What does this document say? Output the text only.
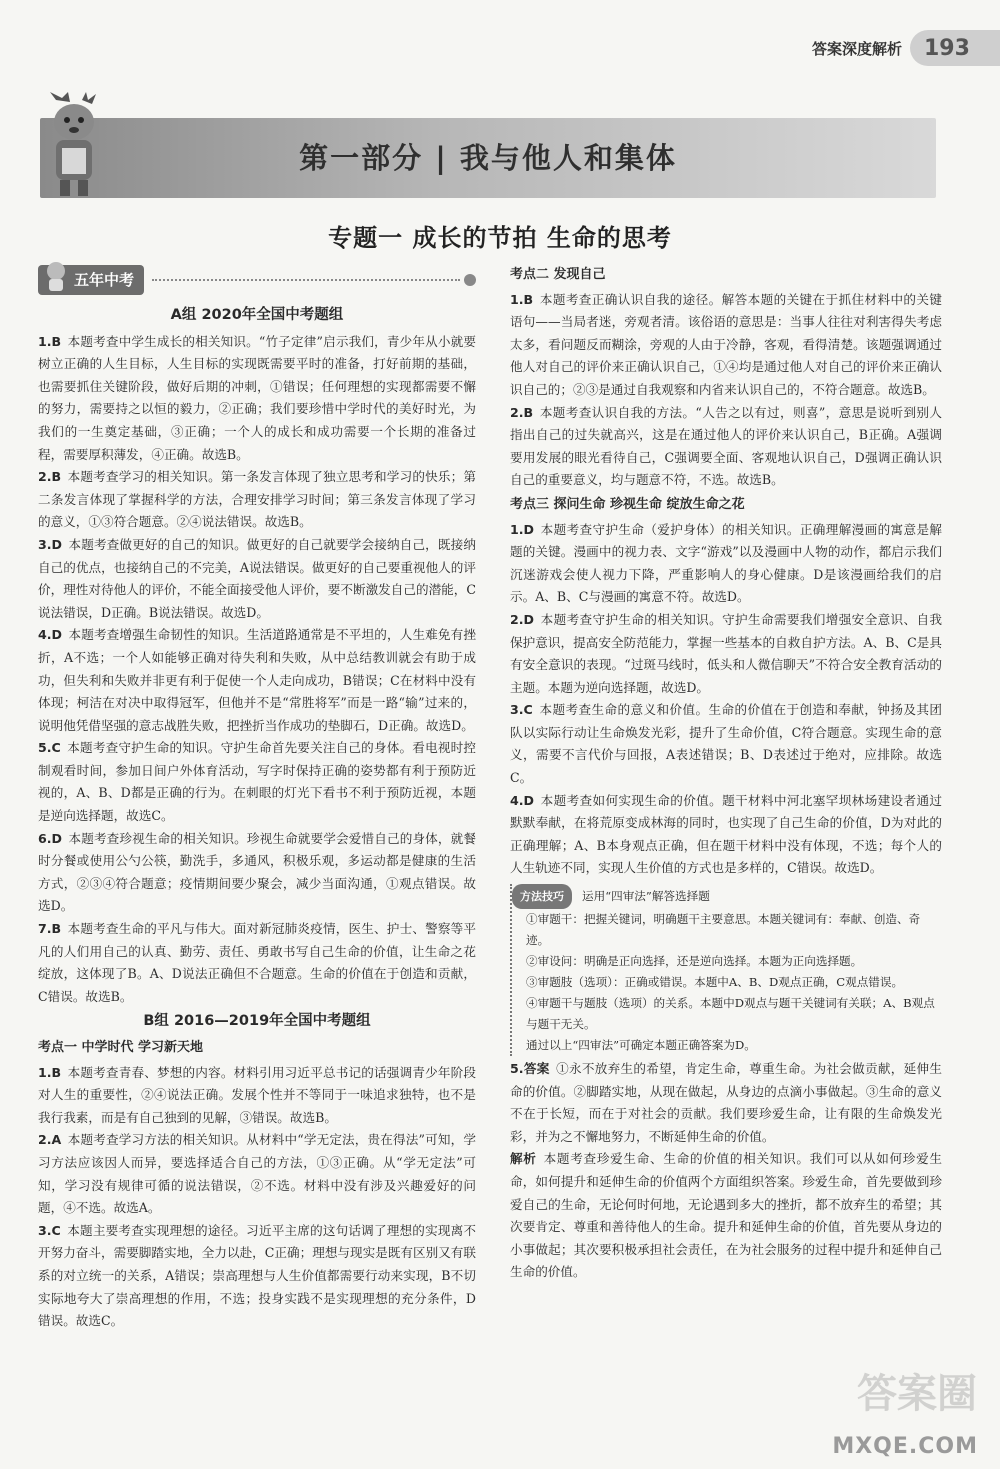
答案深度解析	193
第一部分 | 我与他人和集体
专题一 成长的节拍 生命的思考
五年中考
A组 2020年全国中考题组
1.B  本题考查中学生成长的相关知识。“竹子定律”启示我们，青少年从小就要树立正确的人生目标，人生目标的实现既需要平时的准备，打好前期的基础，也需要抓住关键阶段，做好后期的冲刺，①错误；任何理想的实现都需要不懈的努力，需要持之以恒的毅力，②正确；我们要珍惜中学时代的美好时光，为我们的一生奠定基础，③正确；一个人的成长和成功需要一个长期的准备过程，需要厚积薄发，④正确。故选B。
2.B  本题考查学习的相关知识。第一条发言体现了独立思考和学习的快乐；第二条发言体现了掌握科学的方法，合理安排学习时间；第三条发言体现了学习的意义，①③符合题意。②④说法错误。故选B。
3.D  本题考查做更好的自己的知识。做更好的自己就要学会接纳自己，既接纳自己的优点，也接纳自己的不完美，A说法错误。做更好的自己要重视他人的评价，理性对待他人的评价，不能全面接受他人评价，要不断激发自己的潜能，C说法错误，D正确。B说法错误。故选D。
4.D  本题考查增强生命韧性的知识。生活道路通常是不平坦的，人生难免有挫折，A不选；一个人如能够正确对待失利和失败，从中总结教训就会有助于成功，但失利和失败并非更有利于促使一个人走向成功，B错误；C在材料中没有体现；柯洁在对决中取得冠军，但他并不是“常胜将军”而是一路“输”过来的，说明他凭借坚强的意志战胜失败，把挫折当作成功的垫脚石，D正确。故选D。
5.C  本题考查守护生命的知识。守护生命首先要关注自己的身体。看电视时控制观看时间，参加日间户外体育活动，写字时保持正确的姿势都有利于预防近视的，A、B、D都是正确的行为。在刺眼的灯光下看书不利于预防近视，本题是逆向选择题，故选C。
6.D  本题考查珍视生命的相关知识。珍视生命就要学会爱惜自己的身体，就餐时分餐或使用公勺公筷，勤洗手，多通风，积极乐观，多运动都是健康的生活方式，②③④符合题意；疫情期间要少聚会，减少当面沟通，①观点错误。故选D。
7.B  本题考查生命的平凡与伟大。面对新冠肺炎疫情，医生、护士、警察等平凡的人们用自己的认真、勤劳、责任、勇敢书写自己生命的价值，让生命之花绽放，这体现了B。A、D说法正确但不合题意。生命的价值在于创造和贡献，C错误。故选B。
B组 2016—2019年全国中考题组
考点一 中学时代 学习新天地
1.B  本题考查青春、梦想的内容。材料引用习近平总书记的话强调青少年阶段对人生的重要性，②④说法正确。发展个性并不等同于一味追求独特，也不是我行我素，而是有自己独到的见解，③错误。故选B。
2.A  本题考查学习方法的相关知识。从材料中“学无定法，贵在得法”可知，学习方法应该因人而异，要选择适合自己的方法，①③正确。从“学无定法”可知，学习没有规律可循的说法错误，②不选。材料中没有涉及兴趣爱好的问题，④不选。故选A。
3.C  本题主要考查实现理想的途径。习近平主席的这句话调了理想的实现离不开努力奋斗，需要脚踏实地，全力以赴，C正确；理想与现实是既有区别又有联系的对立统一的关系，A错误；崇高理想与人生价值都需要行动来实现，B不切实际地夸大了崇高理想的作用，不选；投身实践不是实现理想的充分条件，D错误。故选C。
考点二 发现自己
1.B  本题考查正确认识自我的途径。解答本题的关键在于抓住材料中的关键语句——当局者迷，旁观者清。该俗语的意思是：当事人往往对利害得失考虑太多，看问题反而糊涂，旁观的人由于冷静，客观，看得清楚。该题强调通过他人对自己的评价来正确认识自己，①④均是通过他人对自己的评价来正确认识自己的；②③是通过自我观察和内省来认识自己的，不符合题意。故选B。
2.B  本题考查认识自我的方法。“人告之以有过，则喜”，意思是说听到别人指出自己的过失就高兴，这是在通过他人的评价来认识自己，B正确。A强调要用发展的眼光看待自己，C强调要全面、客观地认识自己，D强调正确认识自己的重要意义，均与题意不符，不选。故选B。
考点三 探问生命 珍视生命 绽放生命之花
1.D  本题考查守护生命（爱护身体）的相关知识。正确理解漫画的寓意是解题的关键。漫画中的视力表、文字“游戏”以及漫画中人物的动作，都启示我们沉迷游戏会使人视力下降，严重影响人的身心健康。D是该漫画给我们的启示。A、B、C与漫画的寓意不符。故选D。
2.D  本题考查守护生命的相关知识。守护生命需要我们增强安全意识、自我保护意识，提高安全防范能力，掌握一些基本的自救自护方法。A、B、C是具有安全意识的表现。“过斑马线时，低头和人微信聊天”不符合安全教育活动的主题。本题为逆向选择题，故选D。
3.C  本题考查生命的意义和价值。生命的价值在于创造和奉献，钟扬及其团队以实际行动让生命焕发光彩，提升了生命价值，C符合题意。实现生命的意义，需要不言代价与回报，A表述错误；B、D表述过于绝对，应排除。故选C。
4.D  本题考查如何实现生命的价值。题干材料中河北塞罕坝林场建设者通过默默奉献，在将荒原变成林海的同时，也实现了自己生命的价值，D为对此的正确理解；A、B本身观点正确，但在题干材料中没有体现，不选；每个人的人生轨迹不同，实现人生价值的方式也是多样的，C错误。故选D。
方法技巧	运用“四审法”解答选择题
①审题干：把握关键词，明确题干主要意思。本题关键词有：奉献、创造、奇迹。
②审设问：明确是正向选择，还是逆向选择。本题为正向选择题。
③审题肢（选项）：正确或错误。本题中A、B、D观点正确，C观点错误。
④审题干与题肢（选项）的关系。本题中D观点与题干关键词有关联；A、B观点与题干无关。
通过以上“四审法”可确定本题正确答案为D。
5.答案  ①永不放弃生的希望，肯定生命，尊重生命。为社会做贡献，延伸生命的价值。②脚踏实地，从现在做起，从身边的点滴小事做起。③生命的意义不在于长短，而在于对社会的贡献。我们要珍爱生命，让有限的生命焕发光彩，并为之不懈地努力，不断延伸生命的价值。
解析  本题考查珍爱生命、生命的价值的相关知识。我们可以从如何珍爱生命，如何提升和延伸生命的价值两个方面组织答案。珍爱生命，首先要做到珍爱自己的生命，无论何时何地，无论遇到多大的挫折，都不放弃生的希望；其次要肯定、尊重和善待他人的生命。提升和延伸生命的价值，首先要从身边的小事做起；其次要积极承担社会责任，在为社会服务的过程中提升和延伸自己生命的价值。
答案圈
MXQE.COM
